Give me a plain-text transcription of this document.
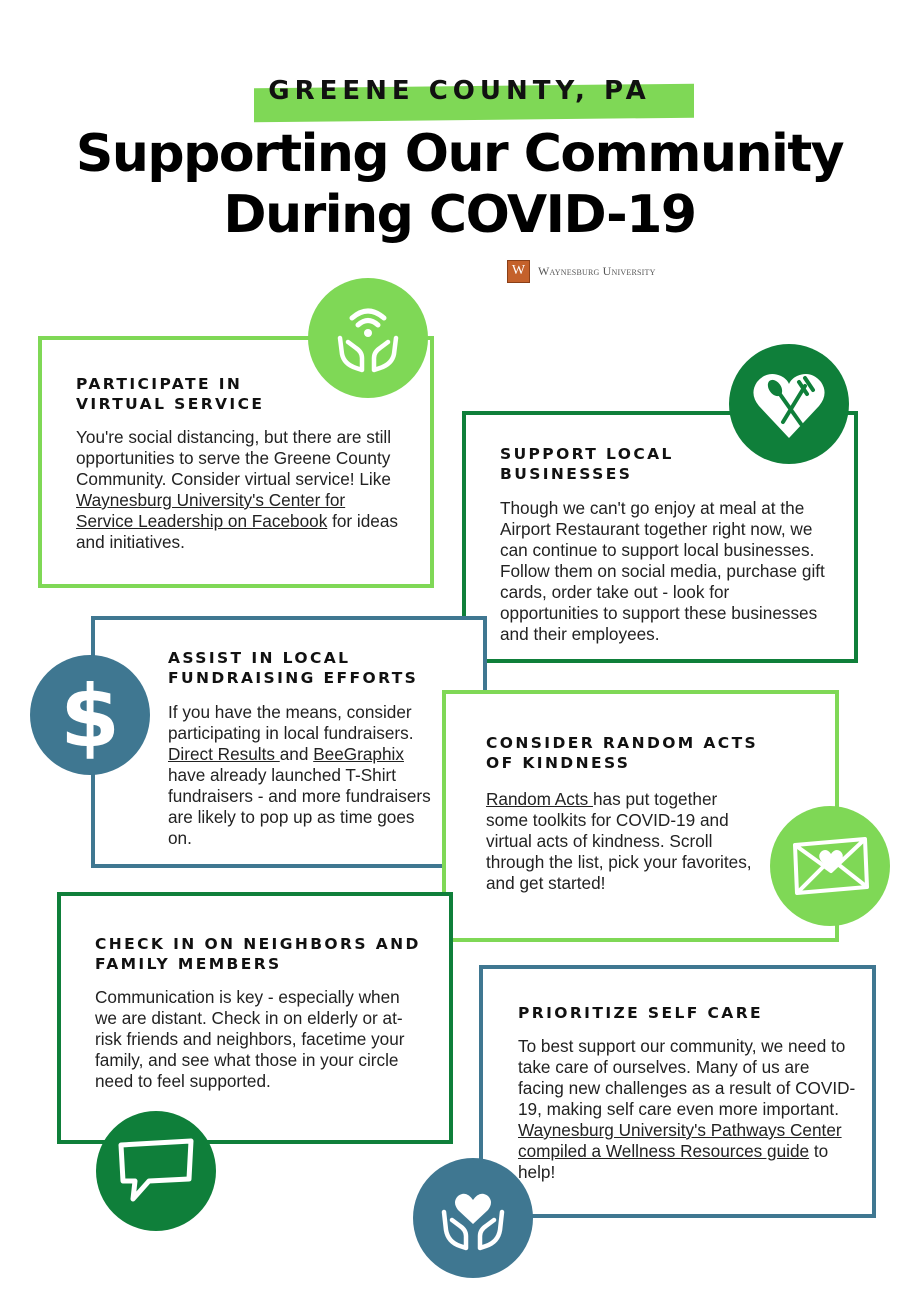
GREENE COUNTY, PA
Supporting Our Community
During COVID-19
W	Waynesburg University
PARTICIPATE IN
VIRTUAL SERVICE
You're social distancing, but there are still opportunities to serve the Greene County Community. Consider virtual service! Like Waynesburg University's Center for Service Leadership on Facebook for ideas and initiatives.
SUPPORT LOCAL
BUSINESSES
Though we can't go enjoy at meal at the Airport Restaurant together right now, we can continue to support local businesses. Follow them on social media, purchase gift cards, order take out - look for opportunities to support these businesses and their employees.
$
ASSIST IN LOCAL
FUNDRAISING EFFORTS
If you have the means, consider participating in local fundraisers. Direct Results and BeeGraphix have already launched T-Shirt fundraisers - and more fundraisers are likely to pop up as time goes on.
CONSIDER RANDOM ACTS
OF KINDNESS
Random Acts has put together some toolkits for COVID-19 and virtual acts of kindness. Scroll through the list, pick your favorites, and get started!
CHECK IN ON NEIGHBORS AND
FAMILY MEMBERS
Communication is key - especially when we are distant. Check in on elderly or at-risk friends and neighbors, facetime your family, and see what those in your circle need to feel supported.
PRIORITIZE SELF CARE
To best support our community, we need to take care of ourselves. Many of us are facing new challenges as a result of COVID-19, making self care even more important. Waynesburg University's Pathways Center compiled a Wellness Resources guide to help!
